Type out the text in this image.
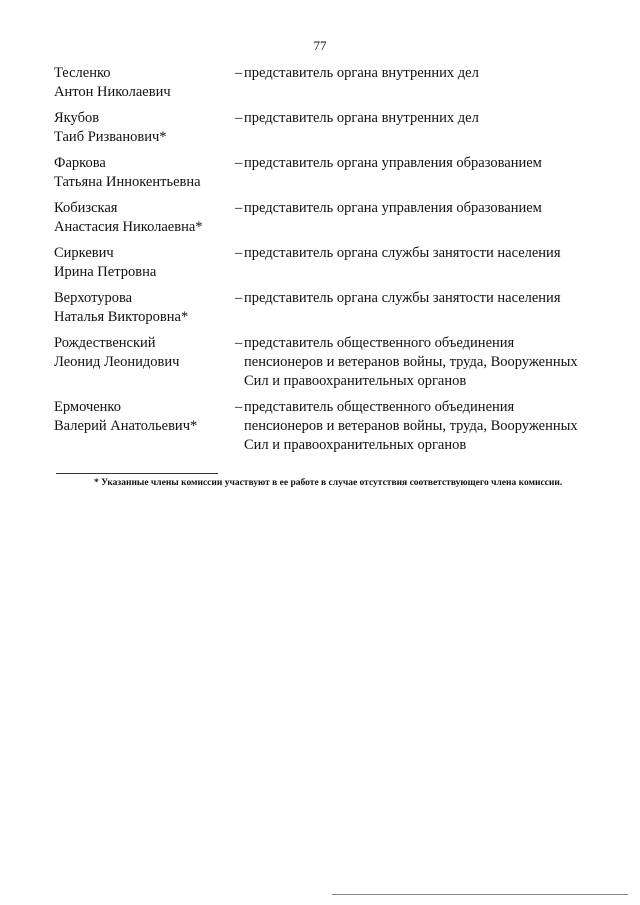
77
Тесленко
Антон Николаевич
– представитель органа внутренних дел
Якубов
Таиб Ризванович*
– представитель органа внутренних дел
Фаркова
Татьяна Иннокентьевна
– представитель органа управления образованием
Кобизская
Анастасия Николаевна*
– представитель органа управления образованием
Сиркевич
Ирина Петровна
– представитель органа службы занятости населения
Верхотурова
Наталья Викторовна*
– представитель органа службы занятости населения
Рождественский
Леонид Леонидович
– представитель общественного объединения
пенсионеров и ветеранов войны, труда, Вооруженных
Сил и правоохранительных органов
Ермоченко
Валерий Анатольевич*
– представитель общественного объединения
пенсионеров и ветеранов войны, труда, Вооруженных
Сил и правоохранительных органов
* Указанные члены комиссии участвуют в ее работе в случае отсутствия соответствующего члена комиссии.
